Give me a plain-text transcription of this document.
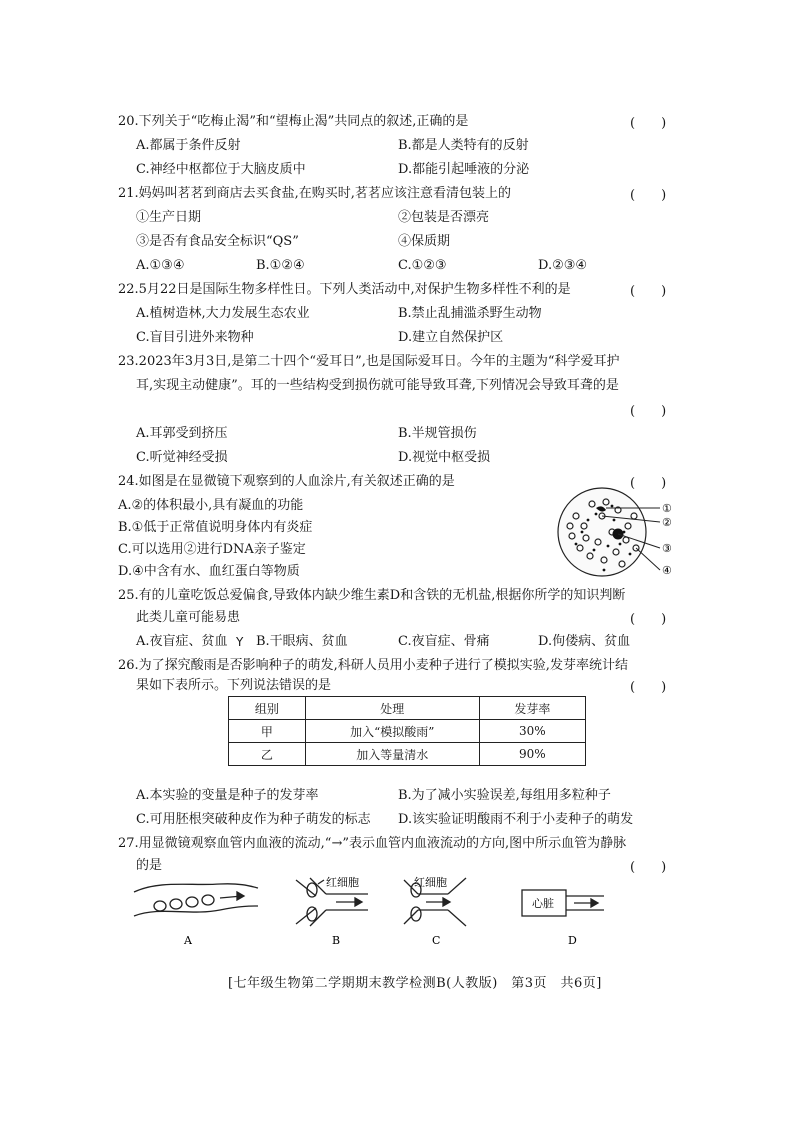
20.下列关于“吃梅止渴”和“望梅止渴”共同点的叙述,正确的是	(　　)
A.都属于条件反射	B.都是人类特有的反射
C.神经中枢都位于大脑皮质中	D.都能引起唾液的分泌
21.妈妈叫茗茗到商店去买食盐,在购买时,茗茗应该注意看清包装上的	(　　)
①生产日期	②包装是否漂亮
③是否有食品安全标识“QS”	④保质期
A.①③④	B.①②④	C.①②③	D.②③④
22.5月22日是国际生物多样性日。下列人类活动中,对保护生物多样性不利的是	(　　)
A.植树造林,大力发展生态农业	B.禁止乱捕滥杀野生动物
C.盲目引进外来物种	D.建立自然保护区
23.2023年3月3日,是第二十四个“爱耳日”,也是国际爱耳日。今年的主题为“科学爱耳护
耳,实现主动健康”。耳的一些结构受到损伤就可能导致耳聋,下列情况会导致耳聋的是
(　　)
A.耳郭受到挤压	B.半规管损伤
C.听觉神经受损	D.视觉中枢受损
24.如图是在显微镜下观察到的人血涂片,有关叙述正确的是	(　　)
A.②的体积最小,具有凝血的功能
B.①低于正常值说明身体内有炎症
C.可以选用②进行DNA亲子鉴定
D.④中含有水、血红蛋白等物质
①
②
③
④
25.有的儿童吃饭总爱偏食,导致体内缺少维生素D和含铁的无机盐,根据你所学的知识判断
此类儿童可能易患	(　　)
A.夜盲症、贫血 Y B.干眼病、贫血	C.夜盲症、骨痛	D.佝偻病、贫血
26.为了探究酸雨是否影响种子的萌发,科研人员用小麦种子进行了模拟实验,发芽率统计结
果如下表所示。下列说法错误的是	(　　)
组别	处理	发芽率
甲	加入“模拟酸雨”	30%
乙	加入等量清水	90%
A.本实验的变量是种子的发芽率	B.为了减小实验误差,每组用多粒种子
C.可用胚根突破种皮作为种子萌发的标志 D.该实验证明酸雨不利于小麦种子的萌发
27.用显微镜观察血管内血液的流动,“→”表示血管内血液流动的方向,图中所示血管为静脉
的是	(　　)
红细胞	红细胞
心脏
A	B	C	D
[七年级生物第二学期期末教学检测B(人教版)　第3页　共6页]
